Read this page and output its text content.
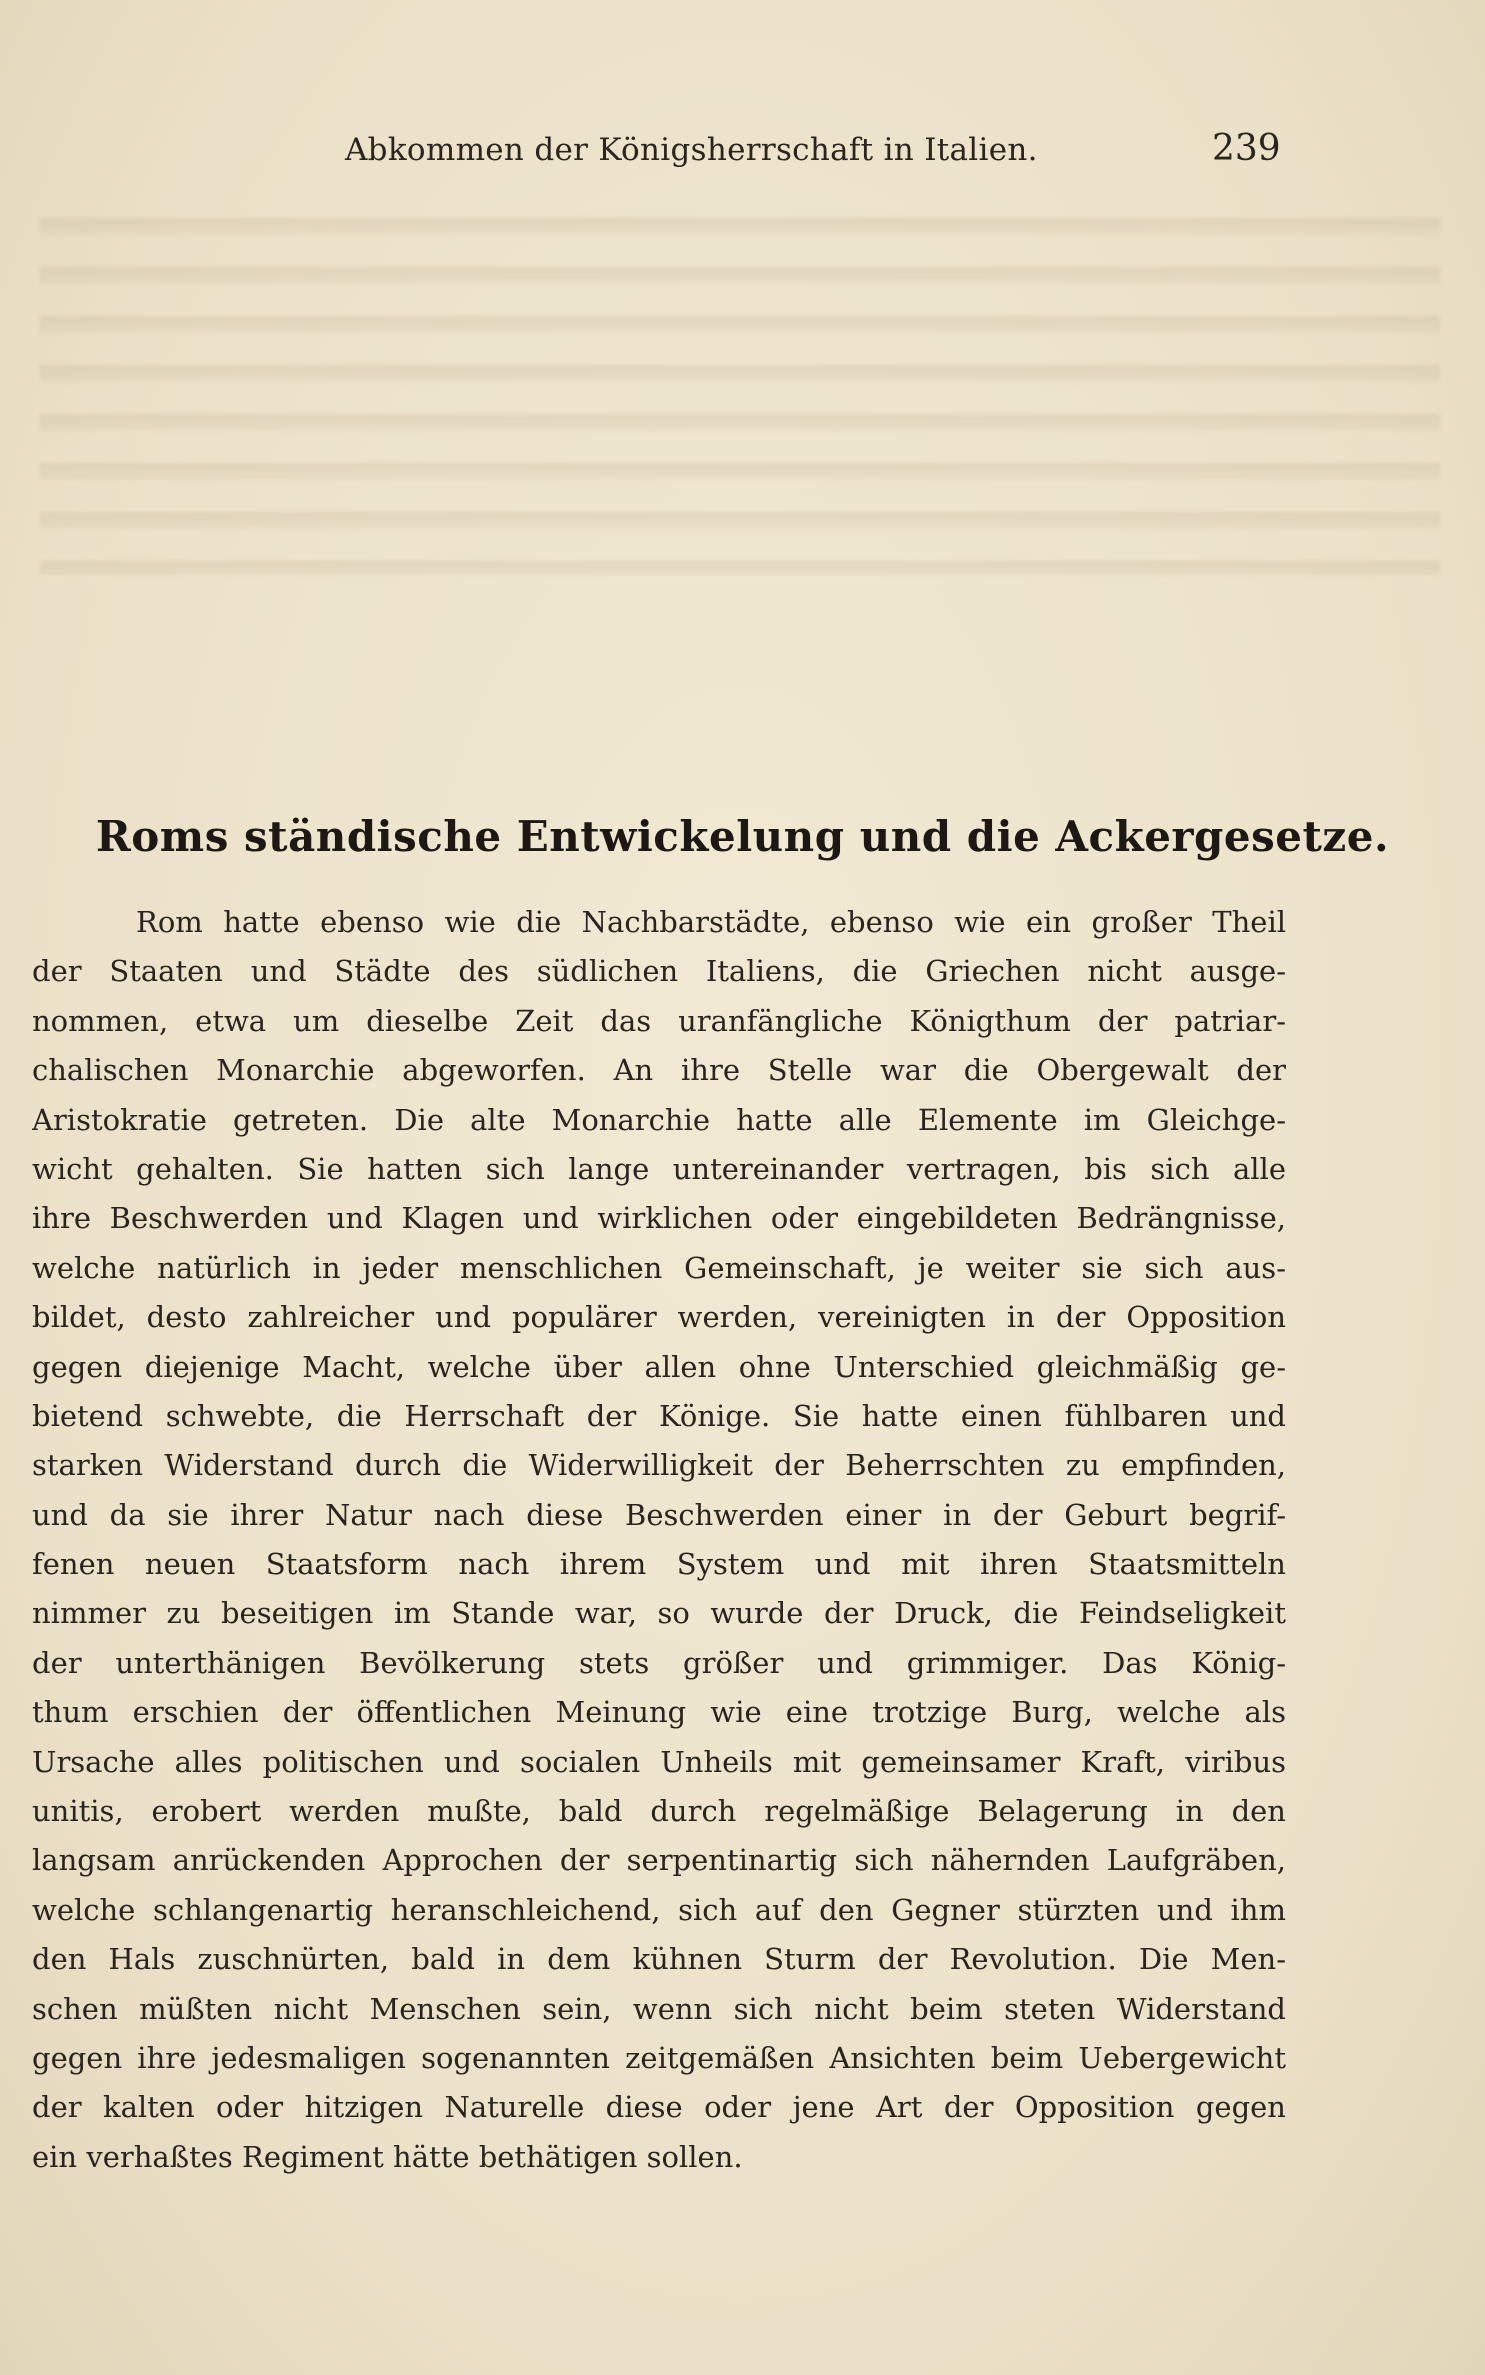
Abkommen der Königsherrschaft in Italien.	239
Roms ständische Entwickelung und die Ackergesetze.
Rom hatte ebenso wie die Nachbarstädte, ebenso wie ein großer Theil
der Staaten und Städte des südlichen Italiens, die Griechen nicht ausge-
nommen, etwa um dieselbe Zeit das uranfängliche Königthum der patriar-
chalischen Monarchie abgeworfen. An ihre Stelle war die Obergewalt der
Aristokratie getreten. Die alte Monarchie hatte alle Elemente im Gleichge-
wicht gehalten. Sie hatten sich lange untereinander vertragen, bis sich alle
ihre Beschwerden und Klagen und wirklichen oder eingebildeten Bedrängnisse,
welche natürlich in jeder menschlichen Gemeinschaft, je weiter sie sich aus-
bildet, desto zahlreicher und populärer werden, vereinigten in der Opposition
gegen diejenige Macht, welche über allen ohne Unterschied gleichmäßig ge-
bietend schwebte, die Herrschaft der Könige. Sie hatte einen fühlbaren und
starken Widerstand durch die Widerwilligkeit der Beherrschten zu empfinden,
und da sie ihrer Natur nach diese Beschwerden einer in der Geburt begrif-
fenen neuen Staatsform nach ihrem System und mit ihren Staatsmitteln
nimmer zu beseitigen im Stande war, so wurde der Druck, die Feindseligkeit
der unterthänigen Bevölkerung stets größer und grimmiger. Das König-
thum erschien der öffentlichen Meinung wie eine trotzige Burg, welche als
Ursache alles politischen und socialen Unheils mit gemeinsamer Kraft, viribus
unitis, erobert werden mußte, bald durch regelmäßige Belagerung in den
langsam anrückenden Approchen der serpentinartig sich nähernden Laufgräben,
welche schlangenartig heranschleichend, sich auf den Gegner stürzten und ihm
den Hals zuschnürten, bald in dem kühnen Sturm der Revolution. Die Men-
schen müßten nicht Menschen sein, wenn sich nicht beim steten Widerstand
gegen ihre jedesmaligen sogenannten zeitgemäßen Ansichten beim Uebergewicht
der kalten oder hitzigen Naturelle diese oder jene Art der Opposition gegen
ein verhaßtes Regiment hätte bethätigen sollen.
